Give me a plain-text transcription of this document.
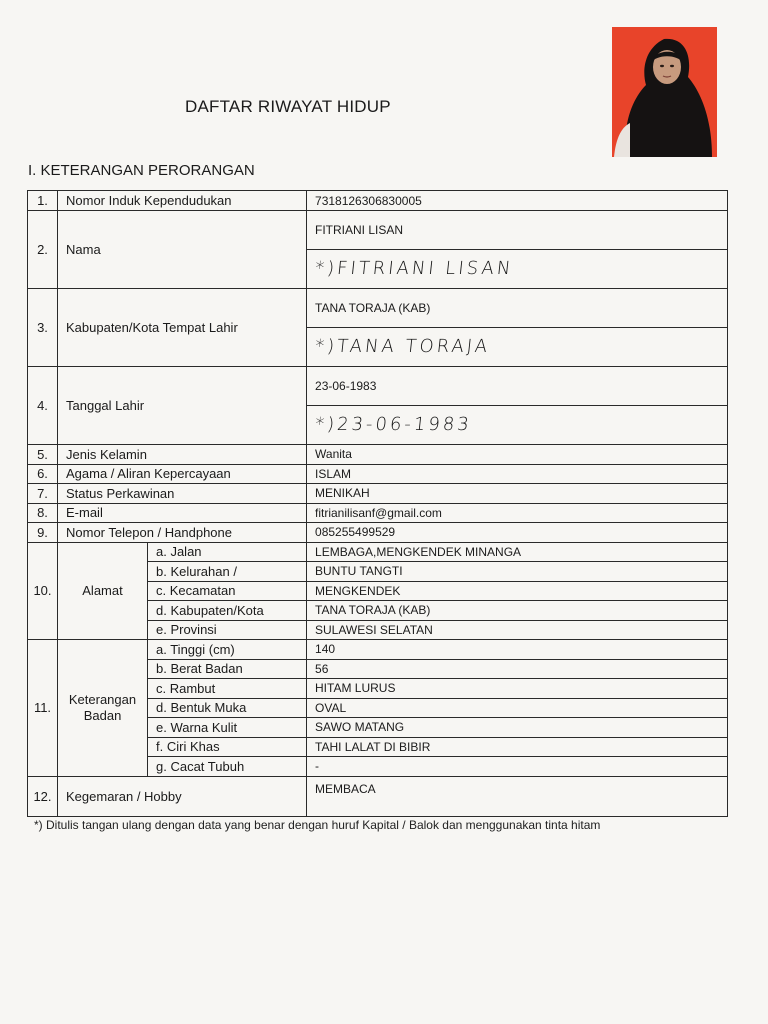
DAFTAR RIWAYAT HIDUP
I. KETERANGAN PERORANGAN
1.	Nomor Induk Kependudukan		7318126306830005
2.	Nama		FITRIANI LISAN
			*)FITRIANI LISAN
3.	Kabupaten/Kota Tempat Lahir		TANA TORAJA (KAB)
			*)TANA TORAJA
4.	Tanggal Lahir		23-06-1983
			*)23-06-1983
5.	Jenis Kelamin		Wanita
6.	Agama / Aliran Kepercayaan		ISLAM
7.	Status Perkawinan		MENIKAH
8.	E-mail		fitrianilisanf@gmail.com
9.	Nomor Telepon / Handphone		085255499529
10.	Alamat	a. Jalan	LEMBAGA,MENGKENDEK MINANGA
		b. Kelurahan /	BUNTU TANGTI
		c. Kecamatan	MENGKENDEK
		d. Kabupaten/Kota	TANA TORAJA (KAB)
		e. Provinsi	SULAWESI SELATAN
11.	Keterangan
Badan	a. Tinggi (cm)	140
		b. Berat Badan	56
		c. Rambut	HITAM LURUS
		d. Bentuk Muka	OVAL
		e. Warna Kulit	SAWO MATANG
		f. Ciri Khas	TAHI LALAT DI BIBIR
		g. Cacat Tubuh	-
12.	Kegemaran / Hobby		MEMBACA
*) Ditulis tangan ulang dengan data yang benar dengan huruf Kapital / Balok dan menggunakan tinta hitam
